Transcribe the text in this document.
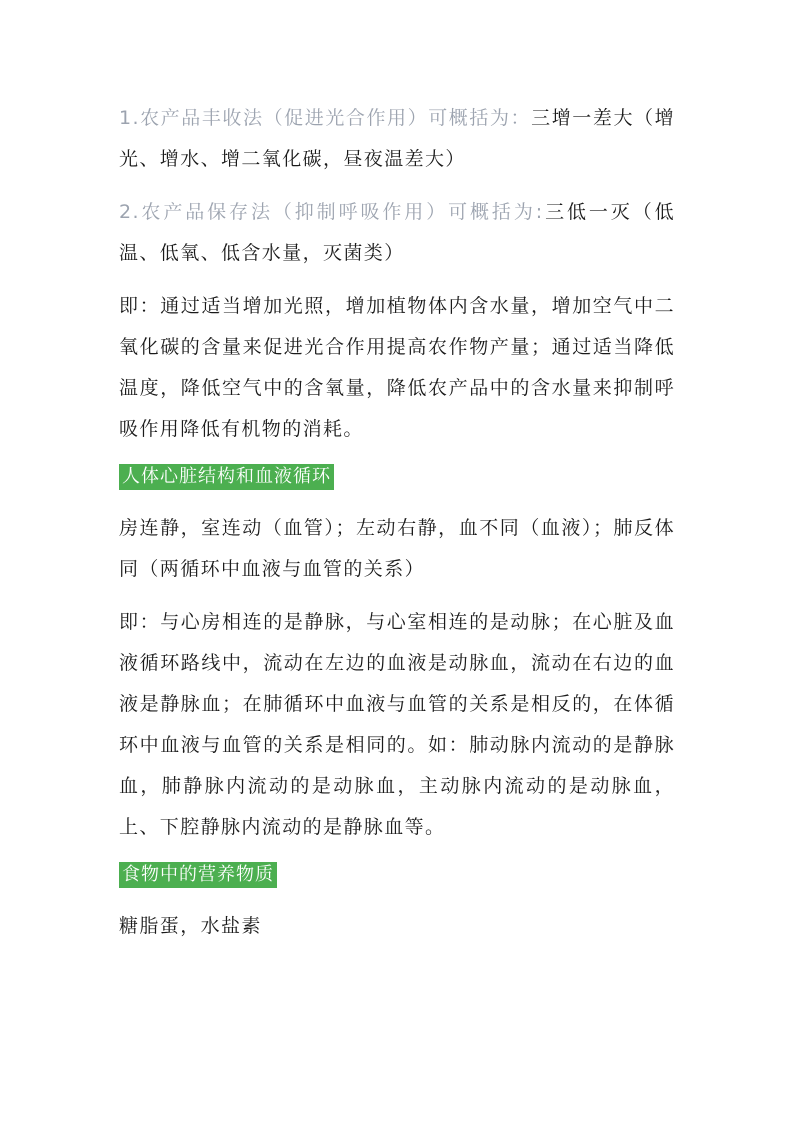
1.农产品丰收法（促进光合作用）可概括为：三增一差大（增光、增水、增二氧化碳，昼夜温差大）

2.农产品保存法（抑制呼吸作用）可概括为:三低一灭（低温、低氧、低含水量，灭菌类）

即：通过适当增加光照，增加植物体内含水量，增加空气中二氧化碳的含量来促进光合作用提高农作物产量；通过适当降低温度，降低空气中的含氧量，降低农产品中的含水量来抑制呼吸作用降低有机物的消耗。

人体心脏结构和血液循环

房连静，室连动（血管）；左动右静，血不同（血液）；肺反体同（两循环中血液与血管的关系）

即：与心房相连的是静脉，与心室相连的是动脉；在心脏及血液循环路线中，流动在左边的血液是动脉血，流动在右边的血液是静脉血；在肺循环中血液与血管的关系是相反的，在体循环中血液与血管的关系是相同的。如：肺动脉内流动的是静脉血，肺静脉内流动的是动脉血，主动脉内流动的是动脉血，上、下腔静脉内流动的是静脉血等。

食物中的营养物质

糖脂蛋，水盐素
